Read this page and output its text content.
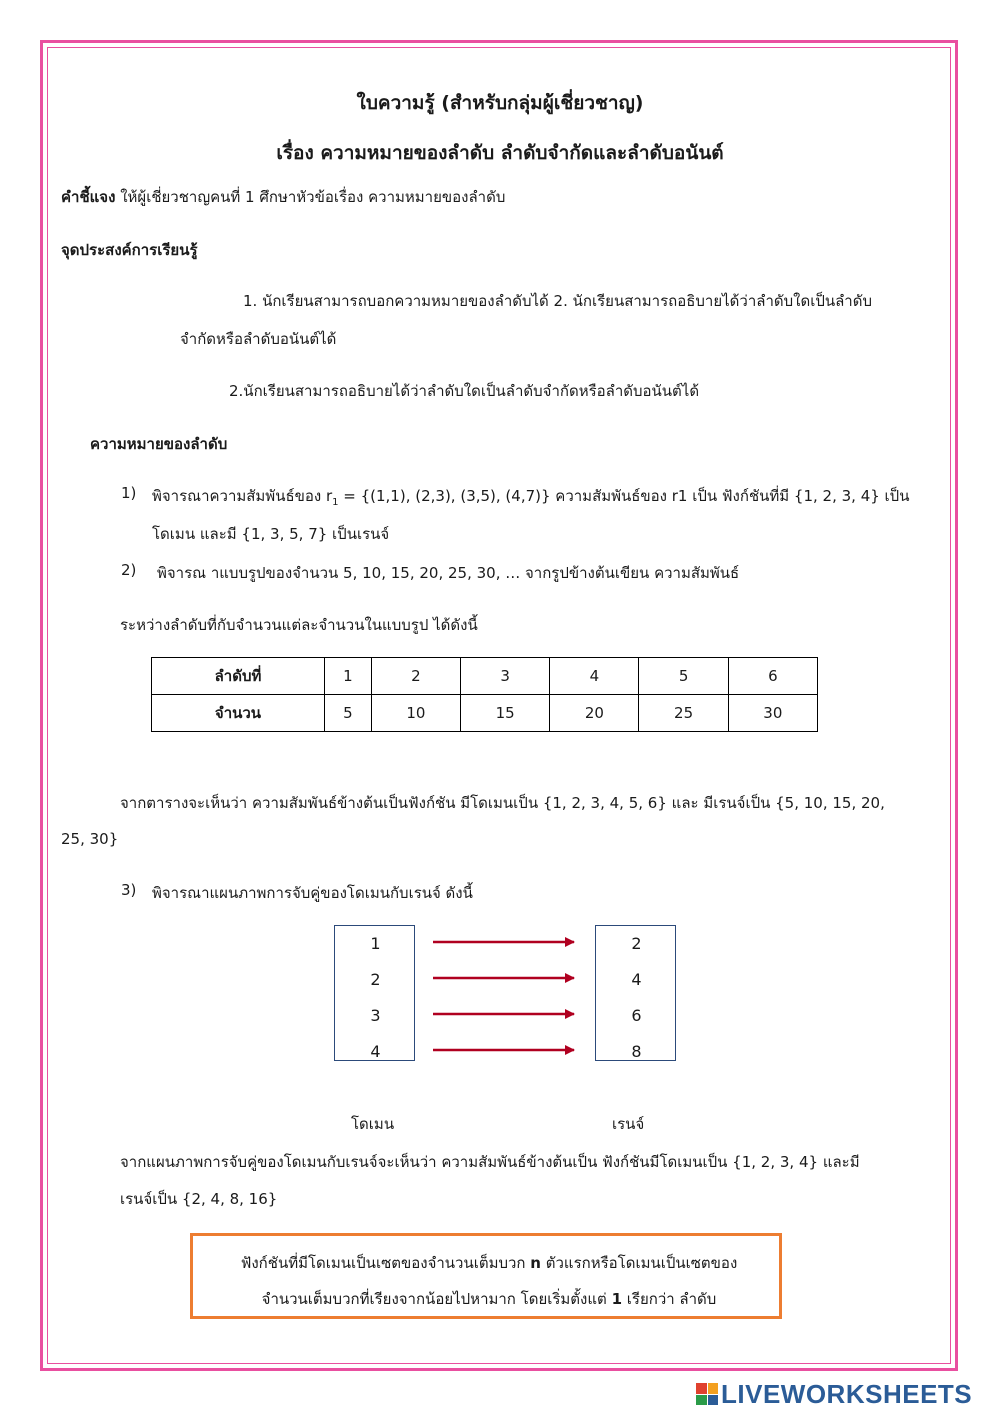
ใบความรู้ (สำหรับกลุ่มผู้เชี่ยวชาญ)
เรื่อง ความหมายของลำดับ ลำดับจำกัดและลำดับอนันต์
คำชี้แจง ให้ผู้เชี่ยวชาญคนที่ 1 ศึกษาหัวข้อเรื่อง ความหมายของลำดับ
จุดประสงค์การเรียนรู้
1. นักเรียนสามารถบอกความหมายของลำดับได้ 2. นักเรียนสามารถอธิบายได้ว่าลำดับใดเป็นลำดับ
จำกัดหรือลำดับอนันต์ได้
2.นักเรียนสามารถอธิบายได้ว่าลำดับใดเป็นลำดับจำกัดหรือลำดับอนันต์ได้
ความหมายของลำดับ
1) พิจารณาความสัมพันธ์ของ $r_1 = \{(1,1)$, (2,3), (3,5), (4,7)} ความสัมพันธ์ของ r1 เป็น ฟังก์ชันที่มี {1, 2, 3, 4} เป็น
โดเมน และมี {1, 3, 5, 7} เป็นเรนจ์
2) พิจารณ าแบบรูปของจำนวน 5, 10, 15, 20, 25, 30, … จากรูปข้างต้นเขียน ความสัมพันธ์
ระหว่างลำดับที่กับจำนวนแต่ละจำนวนในแบบรูป ได้ดังนี้
ลำดับที่	1	2	3	4	5	6
จำนวน	5	10	15	20	25	30
จากตารางจะเห็นว่า ความสัมพันธ์ข้างต้นเป็นฟังก์ชัน มีโดเมนเป็น {1, 2, 3, 4, 5, 6} และ มีเรนจ์เป็น {5, 10, 15, 20,
25, 30}
3) พิจารณาแผนภาพการจับคู่ของโดเมนกับเรนจ์ ดังนี้
1
2
3
4
2
4
6
8
โดเมน	เรนจ์
จากแผนภาพการจับคู่ของโดเมนกับเรนจ์จะเห็นว่า ความสัมพันธ์ข้างต้นเป็น ฟังก์ชันมีโดเมนเป็น {1, 2, 3, 4} และมี
เรนจ์เป็น {2, 4, 8, 16}
ฟังก์ชันที่มีโดเมนเป็นเซตของจำนวนเต็มบวก n ตัวแรกหรือโดเมนเป็นเซตของ
จำนวนเต็มบวกที่เรียงจากน้อยไปหามาก โดยเริ่มตั้งแต่ 1 เรียกว่า ลำดับ
LIVEWORKSHEETS
